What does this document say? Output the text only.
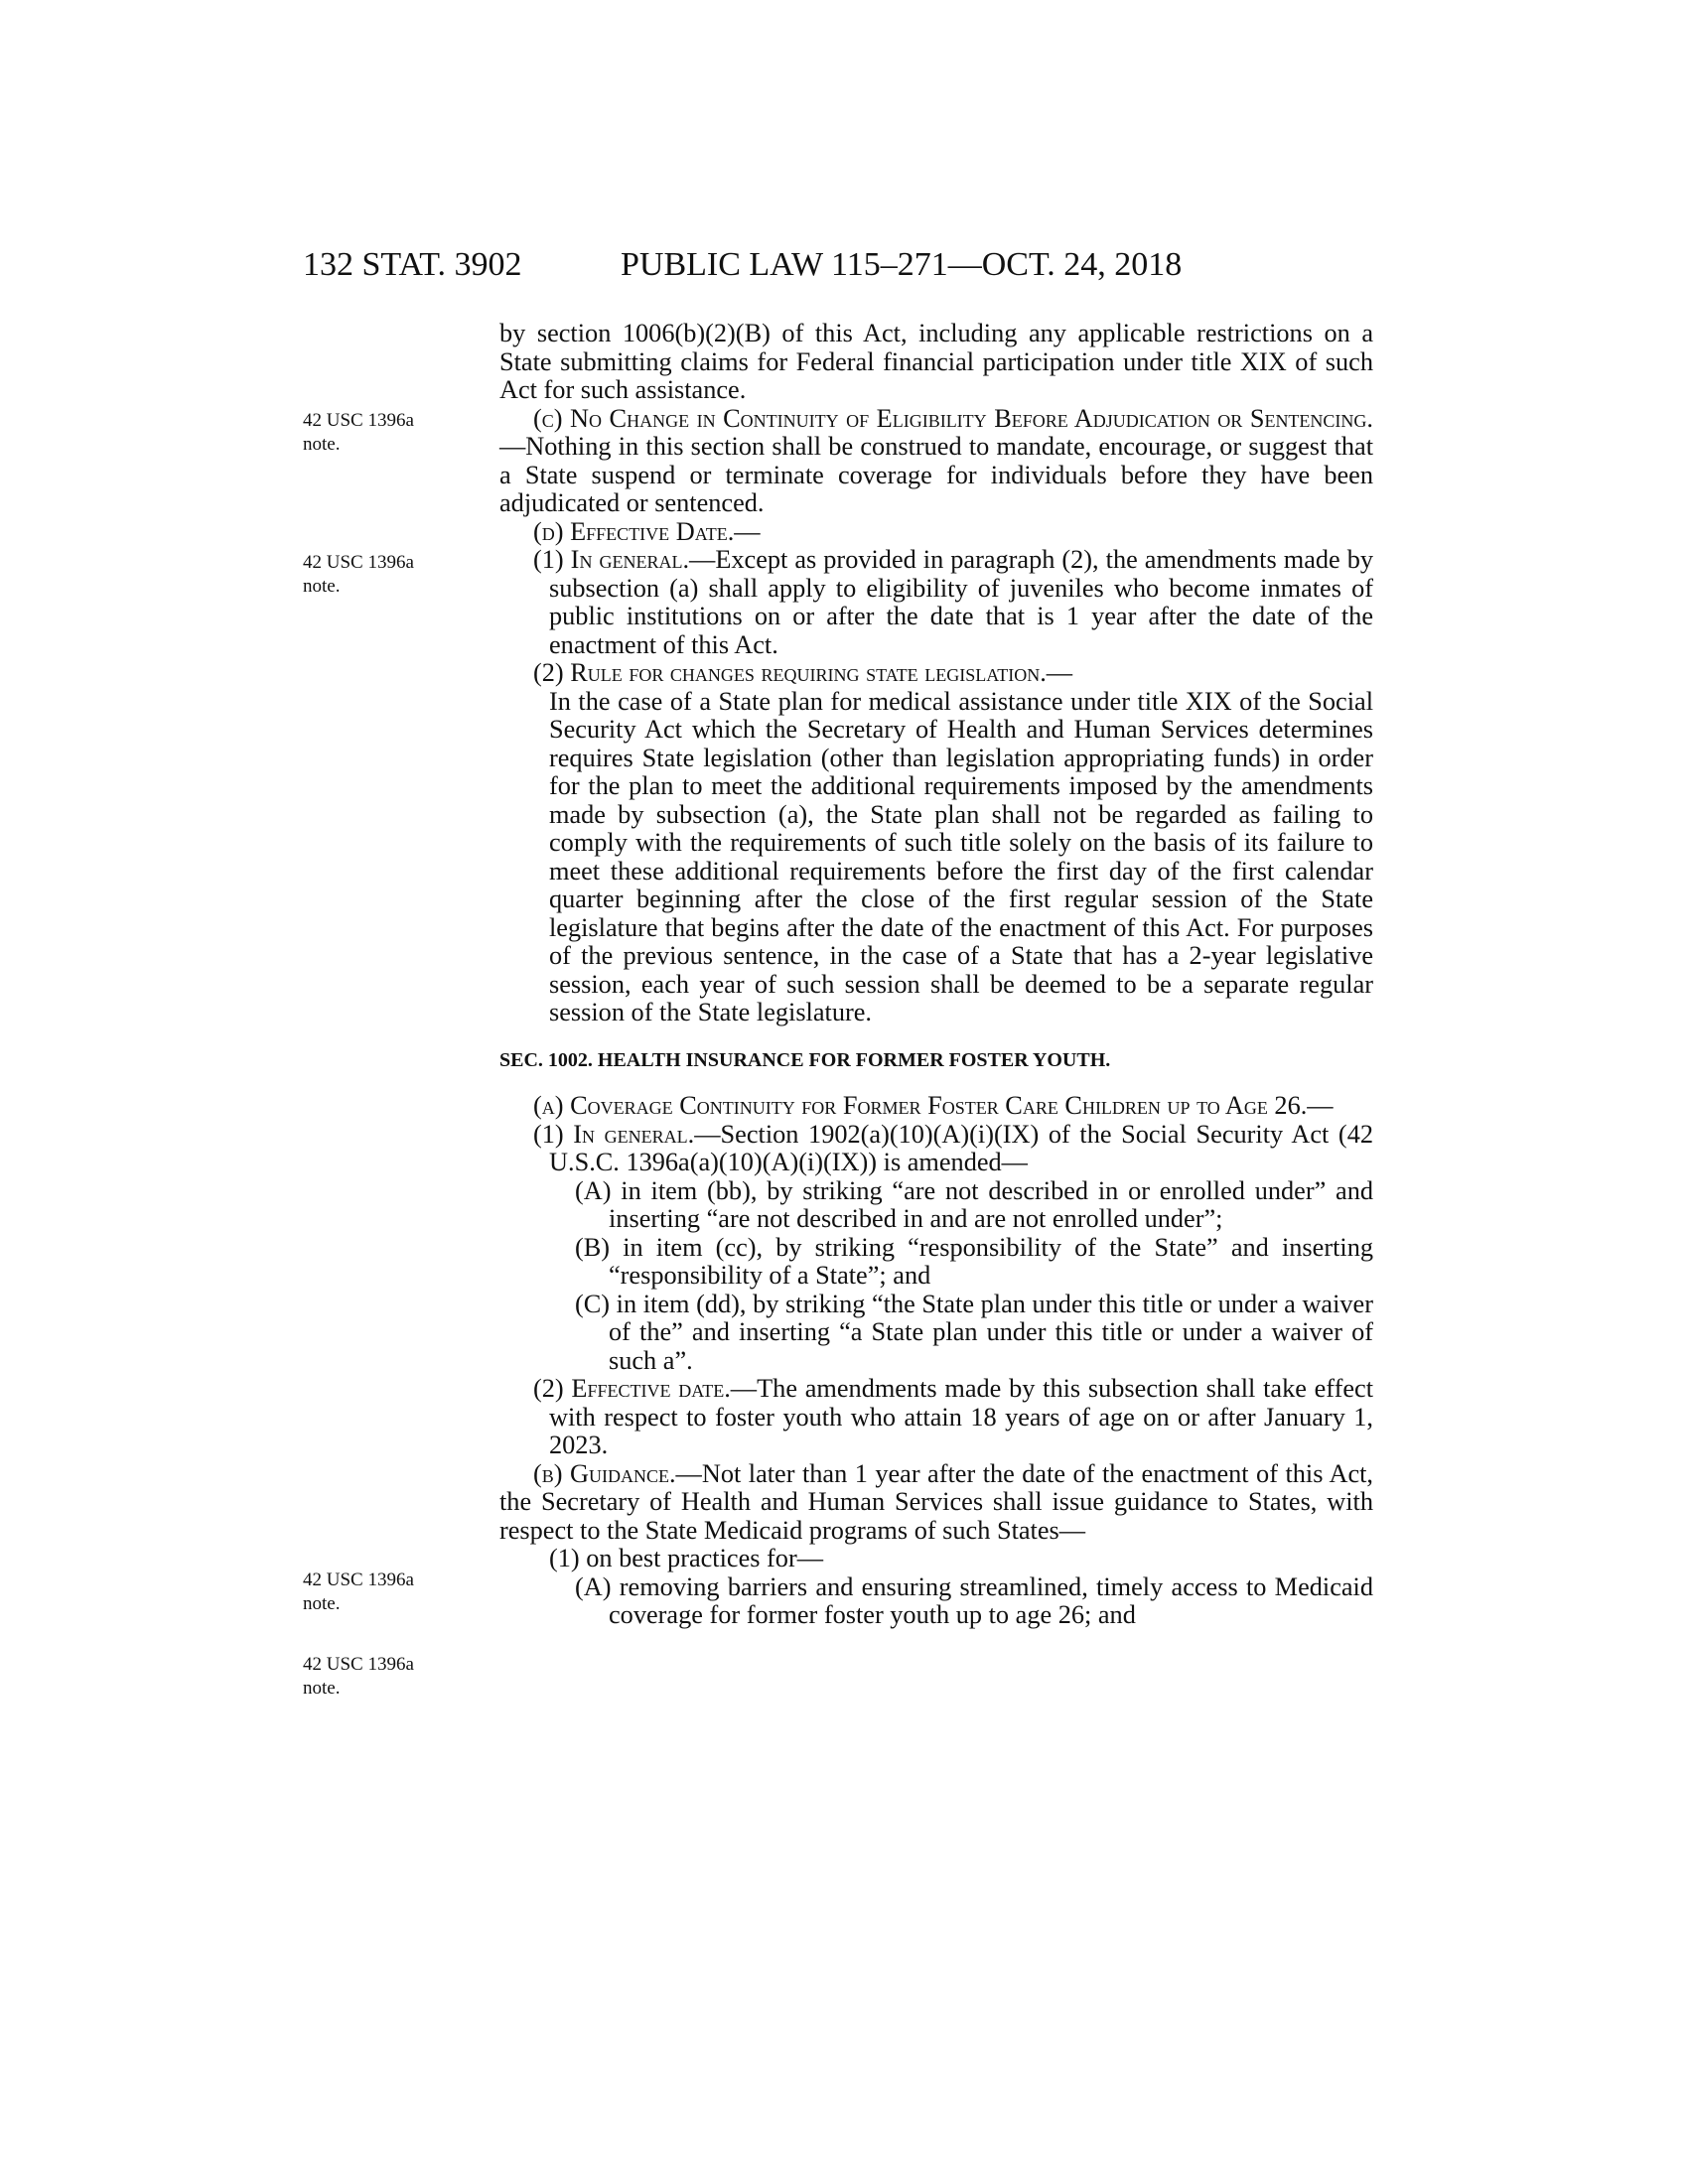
132 STAT. 3902	PUBLIC LAW 115–271—OCT. 24, 2018
42 USC 1396a note.
42 USC 1396a note.
42 USC 1396a note.
42 USC 1396a note.

by section 1006(b)(2)(B) of this Act, including any applicable restrictions on a State submitting claims for Federal financial participation under title XIX of such Act for such assistance.

(c) No Change in Continuity of Eligibility Before Adjudication or Sentencing.—Nothing in this section shall be construed to mandate, encourage, or suggest that a State suspend or terminate coverage for individuals before they have been adjudicated or sentenced.

(d) Effective Date.—

(1) In general.—Except as provided in paragraph (2), the amendments made by subsection (a) shall apply to eligibility of juveniles who become inmates of public institutions on or after the date that is 1 year after the date of the enactment of this Act.

(2) Rule for changes requiring state legislation.—

In the case of a State plan for medical assistance under title XIX of the Social Security Act which the Secretary of Health and Human Services determines requires State legislation (other than legislation appropriating funds) in order for the plan to meet the additional requirements imposed by the amendments made by subsection (a), the State plan shall not be regarded as failing to comply with the requirements of such title solely on the basis of its failure to meet these additional requirements before the first day of the first calendar quarter beginning after the close of the first regular session of the State legislature that begins after the date of the enactment of this Act. For purposes of the previous sentence, in the case of a State that has a 2-year legislative session, each year of such session shall be deemed to be a separate regular session of the State legislature.

SEC. 1002. HEALTH INSURANCE FOR FORMER FOSTER YOUTH.

(a) Coverage Continuity for Former Foster Care Children up to Age 26.—

(1) In general.—Section 1902(a)(10)(A)(i)(IX) of the Social Security Act (42 U.S.C. 1396a(a)(10)(A)(i)(IX)) is amended—

(A) in item (bb), by striking “are not described in or enrolled under” and inserting “are not described in and are not enrolled under”;

(B) in item (cc), by striking “responsibility of the State” and inserting “responsibility of a State”; and

(C) in item (dd), by striking “the State plan under this title or under a waiver of the” and inserting “a State plan under this title or under a waiver of such a”.

(2) Effective date.—The amendments made by this subsection shall take effect with respect to foster youth who attain 18 years of age on or after January 1, 2023.

(b) Guidance.—Not later than 1 year after the date of the enactment of this Act, the Secretary of Health and Human Services shall issue guidance to States, with respect to the State Medicaid programs of such States—

(1) on best practices for—

(A) removing barriers and ensuring streamlined, timely access to Medicaid coverage for former foster youth up to age 26; and
